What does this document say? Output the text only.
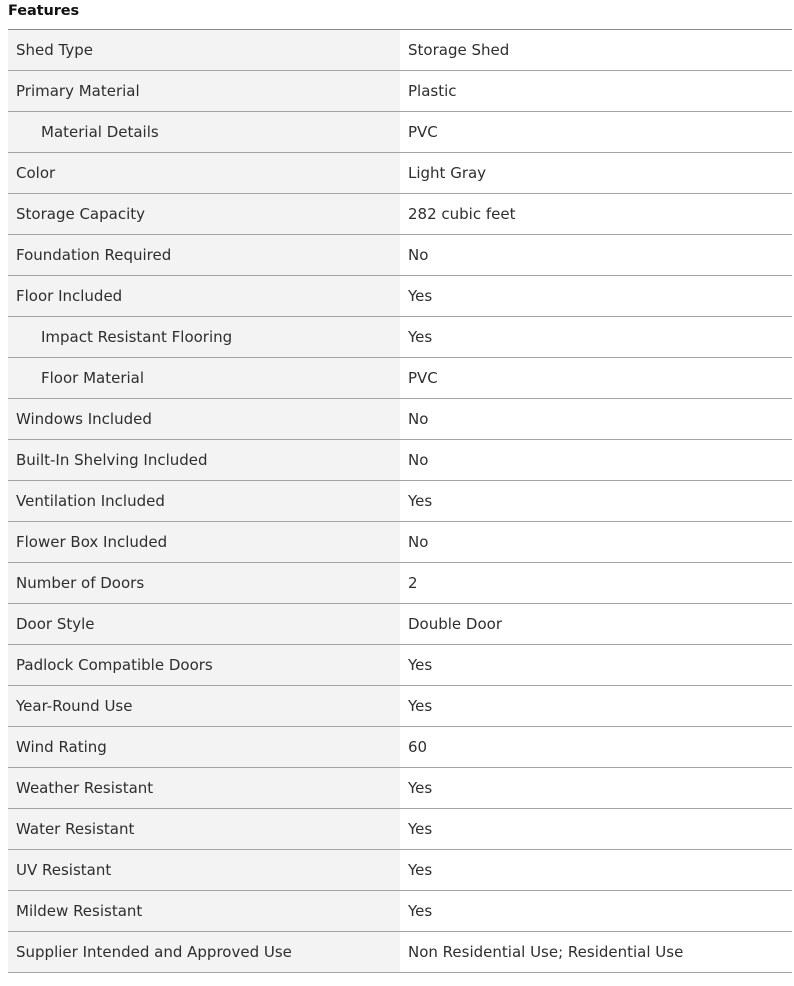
Features
Shed Type	Storage Shed
Primary Material	Plastic
Material Details	PVC
Color	Light Gray
Storage Capacity	282 cubic feet
Foundation Required	No
Floor Included	Yes
Impact Resistant Flooring	Yes
Floor Material	PVC
Windows Included	No
Built-In Shelving Included	No
Ventilation Included	Yes
Flower Box Included	No
Number of Doors	2
Door Style	Double Door
Padlock Compatible Doors	Yes
Year-Round Use	Yes
Wind Rating	60
Weather Resistant	Yes
Water Resistant	Yes
UV Resistant	Yes
Mildew Resistant	Yes
Supplier Intended and Approved Use	Non Residential Use; Residential Use
